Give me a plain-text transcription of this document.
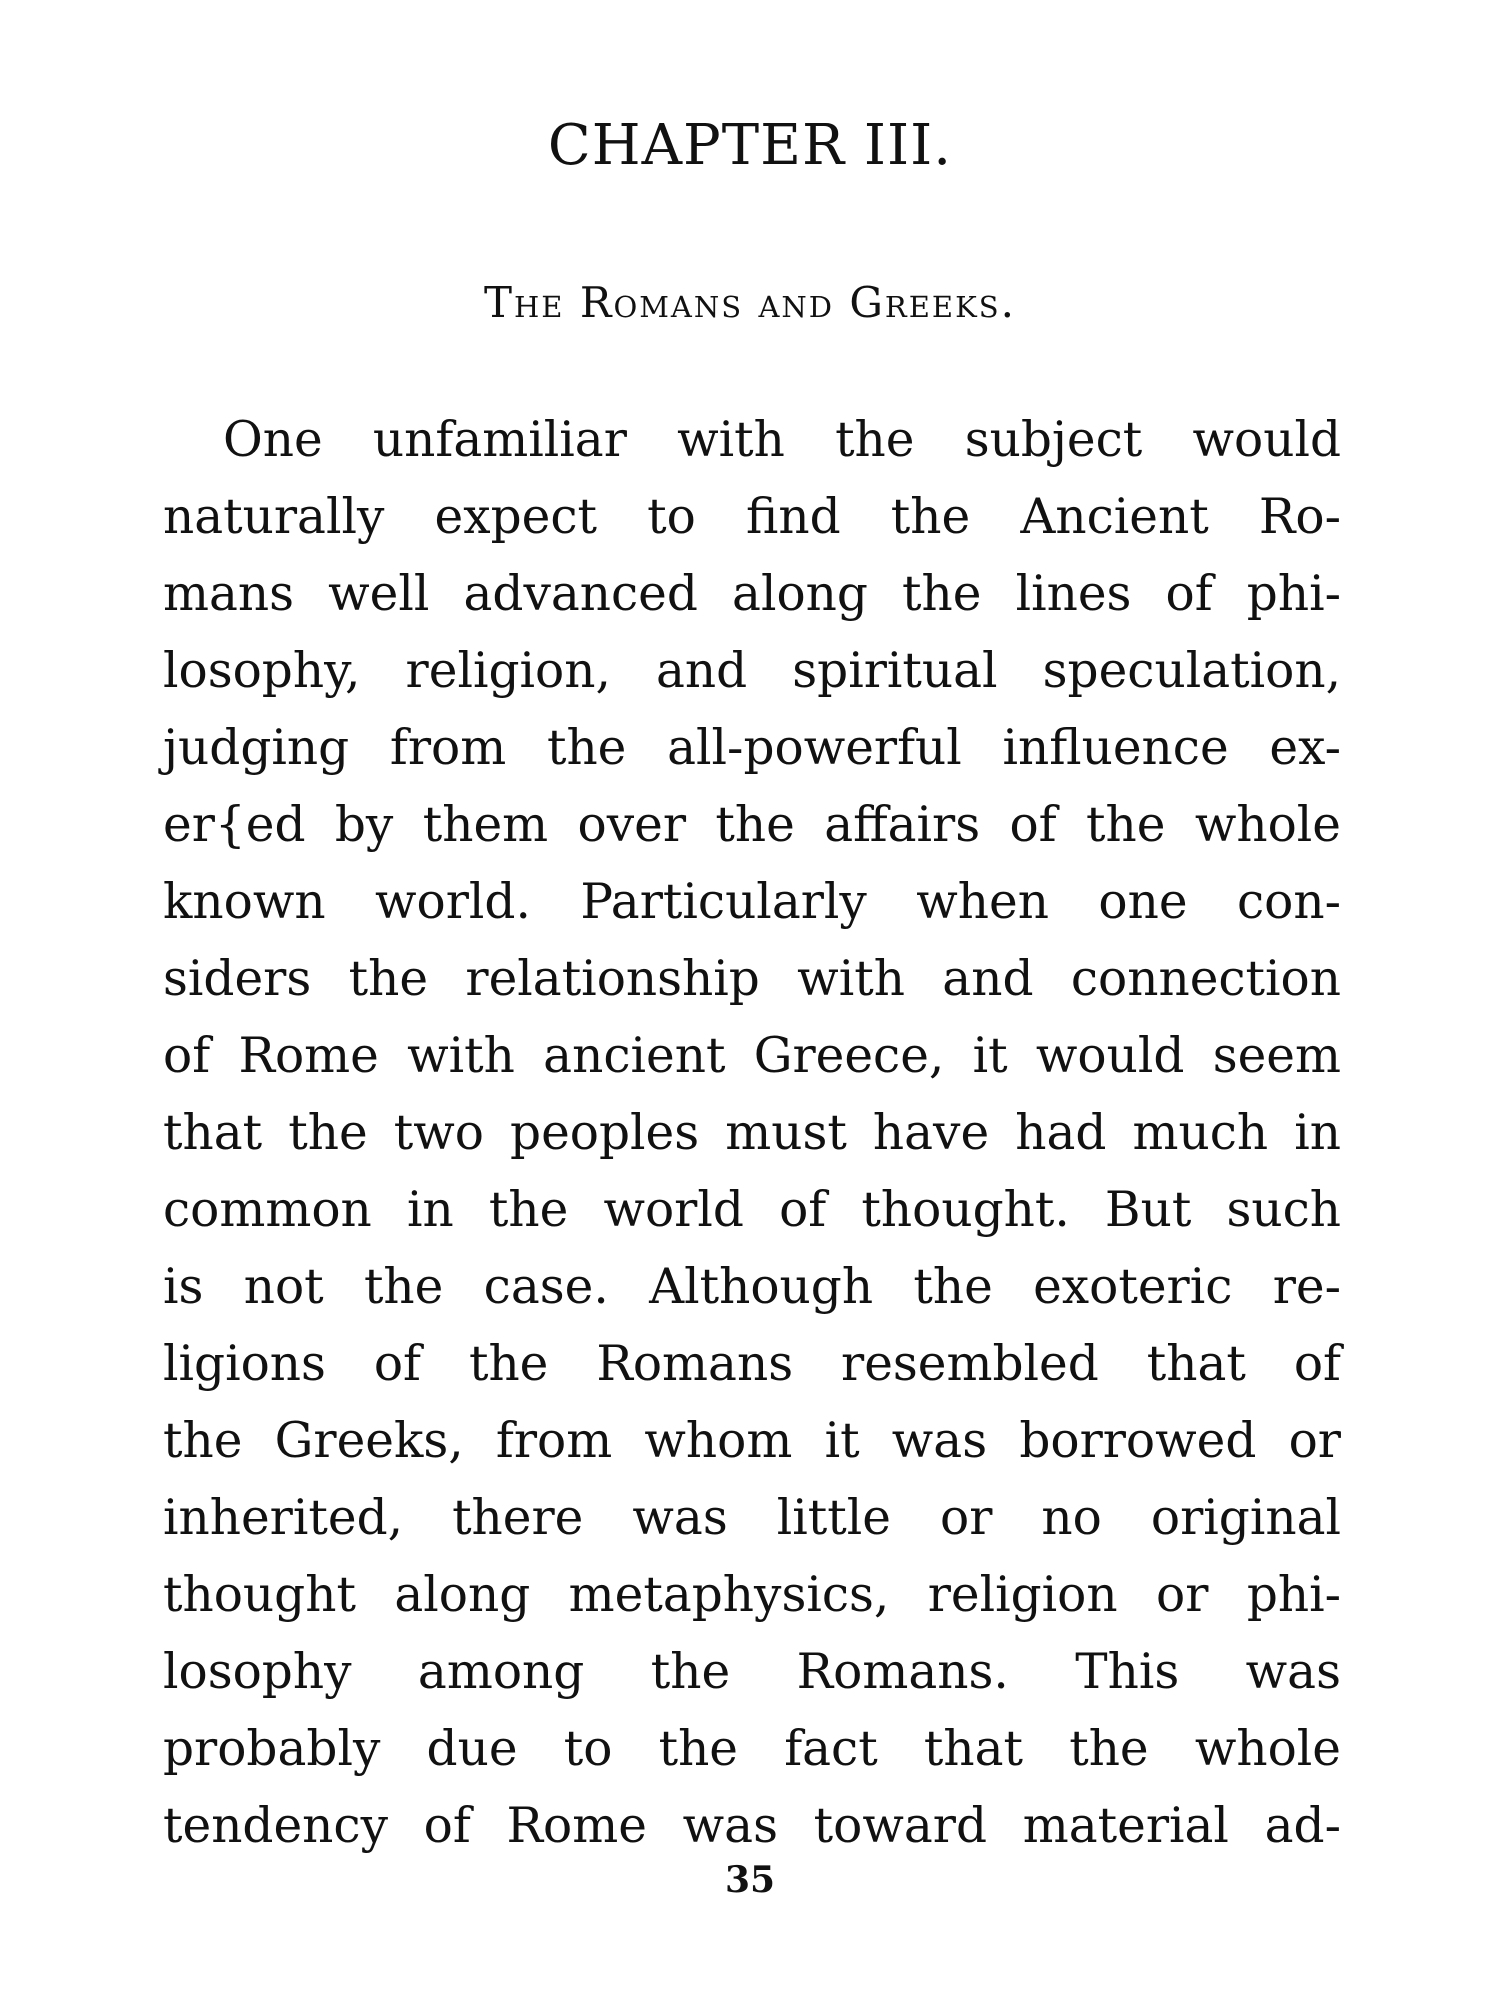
CHAPTER III.
The Romans and Greeks.
One unfamiliar with the subject would
naturally expect to find the Ancient Ro-
mans well advanced along the lines of phi-
losophy, religion, and spiritual speculation,
judging from the all-powerful influence ex-
er{ed by them over the affairs of the whole
known world. Particularly when one con-
siders the relationship with and connection
of Rome with ancient Greece, it would seem
that the two peoples must have had much in
common in the world of thought. But such
is not the case. Although the exoteric re-
ligions of the Romans resembled that of
the Greeks, from whom it was borrowed or
inherited, there was little or no original
thought along metaphysics, religion or phi-
losophy among the Romans. This was
probably due to the fact that the whole
tendency of Rome was toward material ad-
35
